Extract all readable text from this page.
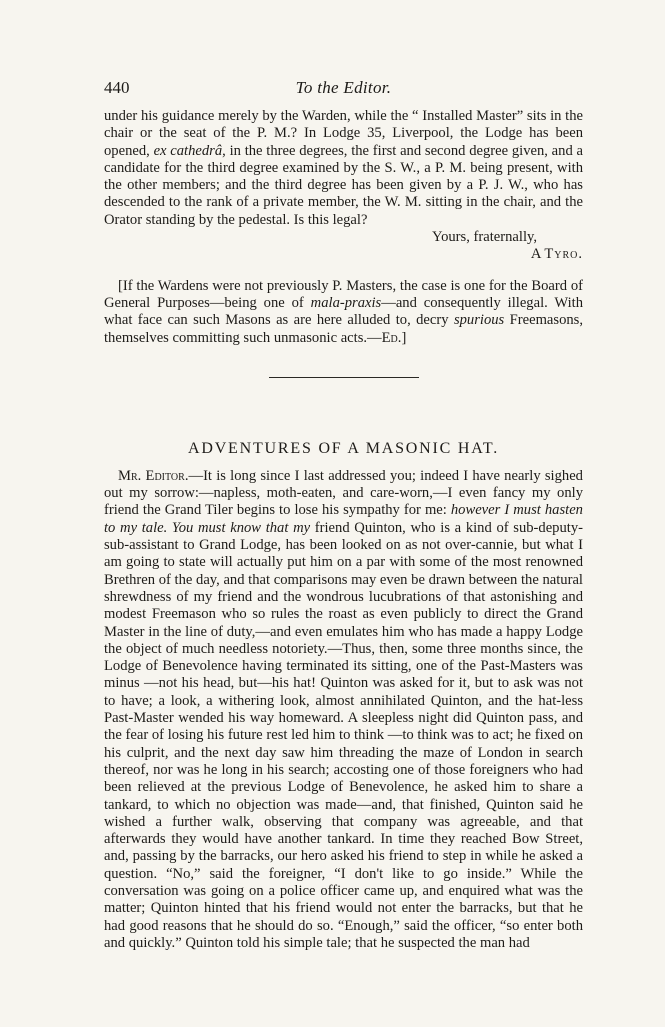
440	To the Editor.

under his guidance merely by the Warden, while the “ Installed Master” sits in the chair or the seat of the P. M.? In Lodge 35, Liverpool, the Lodge has been opened, ex cathedrâ, in the three degrees, the first and second degree given, and a candidate for the third degree examined by the S. W., a P. M. being present, with the other members; and the third degree has been given by a P. J. W., who has descended to the rank of a private member, the W. M. sitting in the chair, and the Orator standing by the pedestal. Is this legal?

Yours, fraternally,

A Tyro.

[If the Wardens were not previously P. Masters, the case is one for the Board of General Purposes—being one of mala-praxis—and consequently illegal. With what face can such Masons as are here alluded to, decry spurious Freemasons, themselves committing such unmasonic acts.—Ed.]

ADVENTURES OF A MASONIC HAT.

Mr. Editor.—It is long since I last addressed you; indeed I have nearly sighed out my sorrow:—napless, moth-eaten, and care-worn,—I even fancy my only friend the Grand Tiler begins to lose his sympathy for me: however I must hasten to my tale. You must know that my friend Quinton, who is a kind of sub-deputy-sub-assistant to Grand Lodge, has been looked on as not over-cannie, but what I am going to state will actually put him on a par with some of the most renowned Brethren of the day, and that comparisons may even be drawn between the natural shrewdness of my friend and the wondrous lucubrations of that astonishing and modest Freemason who so rules the roast as even publicly to direct the Grand Master in the line of duty,—and even emulates him who has made a happy Lodge the object of much needless notoriety.—Thus, then, some three months since, the Lodge of Benevolence having terminated its sitting, one of the Past-Masters was minus —not his head, but—his hat! Quinton was asked for it, but to ask was not to have; a look, a withering look, almost annihilated Quinton, and the hat-less Past-Master wended his way homeward. A sleepless night did Quinton pass, and the fear of losing his future rest led him to think —to think was to act; he fixed on his culprit, and the next day saw him threading the maze of London in search thereof, nor was he long in his search; accosting one of those foreigners who had been relieved at the previous Lodge of Benevolence, he asked him to share a tankard, to which no objection was made—and, that finished, Quinton said he wished a further walk, observing that company was agreeable, and that afterwards they would have another tankard. In time they reached Bow Street, and, passing by the barracks, our hero asked his friend to step in while he asked a question. “No,” said the foreigner, “I don't like to go inside.” While the conversation was going on a police officer came up, and enquired what was the matter; Quinton hinted that his friend would not enter the barracks, but that he had good reasons that he should do so. “Enough,” said the officer, “so enter both and quickly.” Quinton told his simple tale; that he suspected the man had
